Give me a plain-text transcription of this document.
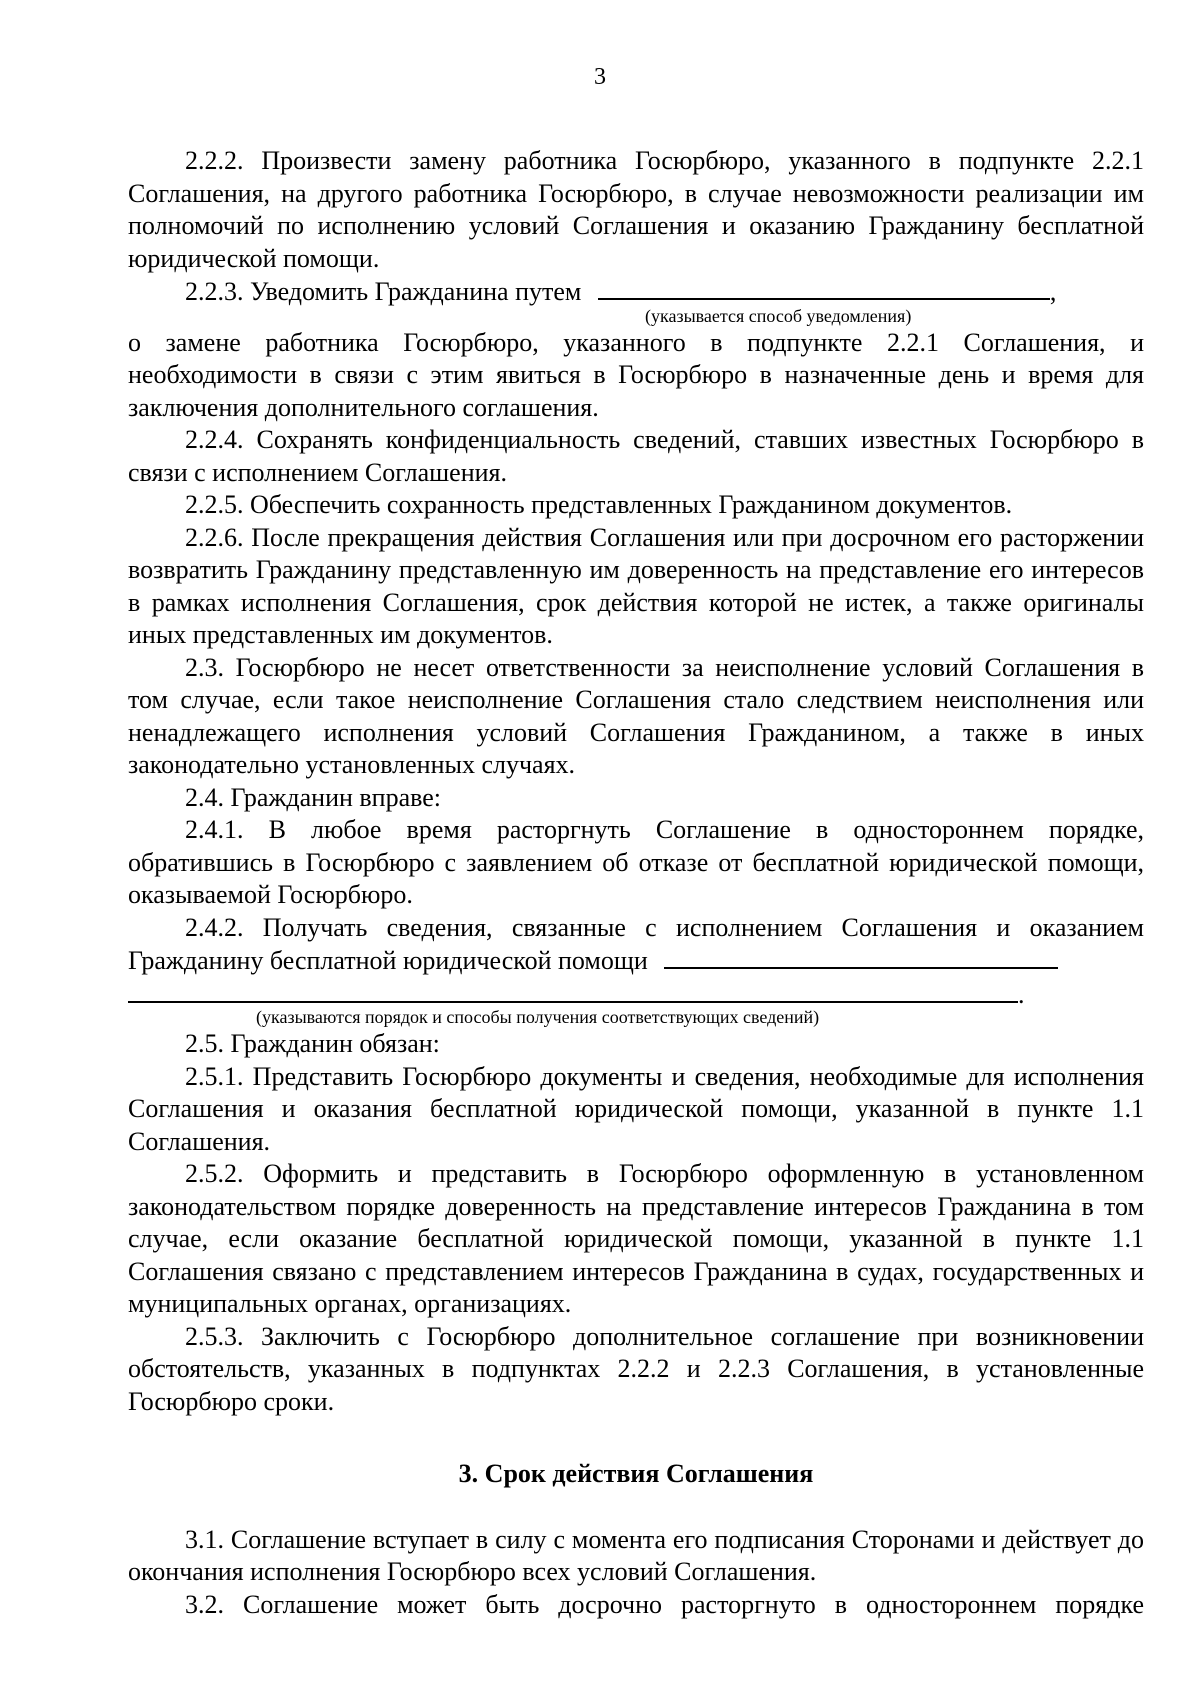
3

2.2.2. Произвести замену работника Госюрбюро, указанного в подпункте 2.2.1 Соглашения, на другого работника Госюрбюро, в случае невозможности реализации им полномочий по исполнению условий Соглашения и оказанию Гражданину бесплатной юридической помощи.

2.2.3. Уведомить Гражданина путем	,

(указывается способ уведомления)

о замене работника Госюрбюро, указанного в подпункте 2.2.1 Соглашения, и необходимости в связи с этим явиться в Госюрбюро в назначенные день и время для заключения дополнительного соглашения.

2.2.4. Сохранять конфиденциальность сведений, ставших известных Госюрбюро в связи с исполнением Соглашения.

2.2.5. Обеспечить сохранность представленных Гражданином документов.

2.2.6. После прекращения действия Соглашения или при досрочном его расторжении возвратить Гражданину представленную им доверенность на представление его интересов в рамках исполнения Соглашения, срок действия которой не истек, а также оригиналы иных представленных им документов.

2.3. Госюрбюро не несет ответственности за неисполнение условий Соглашения в том случае, если такое неисполнение Соглашения стало следствием неисполнения или ненадлежащего исполнения условий Соглашения Гражданином, а также в иных законодательно установленных случаях.

2.4. Гражданин вправе:

2.4.1. В любое время расторгнуть Соглашение в одностороннем порядке, обратившись в Госюрбюро с заявлением об отказе от бесплатной юридической помощи, оказываемой Госюрбюро.

2.4.2. Получать сведения, связанные с исполнением Соглашения и оказанием

Гражданину бесплатной юридической помощи

.

(указываются порядок и способы получения соответствующих сведений)

2.5. Гражданин обязан:

2.5.1. Представить Госюрбюро документы и сведения, необходимые для исполнения Соглашения и оказания бесплатной юридической помощи, указанной в пункте 1.1 Соглашения.

2.5.2. Оформить и представить в Госюрбюро оформленную в установленном законодательством порядке доверенность на представление интересов Гражданина в том случае, если оказание бесплатной юридической помощи, указанной в пункте 1.1 Соглашения связано с представлением интересов Гражданина в судах, государственных и муниципальных органах, организациях.

2.5.3. Заключить с Госюрбюро дополнительное соглашение при возникновении обстоятельств, указанных в подпунктах 2.2.2 и 2.2.3 Соглашения, в установленные Госюрбюро сроки.

3. Срок действия Соглашения

3.1. Соглашение вступает в силу с момента его подписания Сторонами и действует до окончания исполнения Госюрбюро всех условий Соглашения.

3.2. Соглашение может быть досрочно расторгнуто в одностороннем порядке
